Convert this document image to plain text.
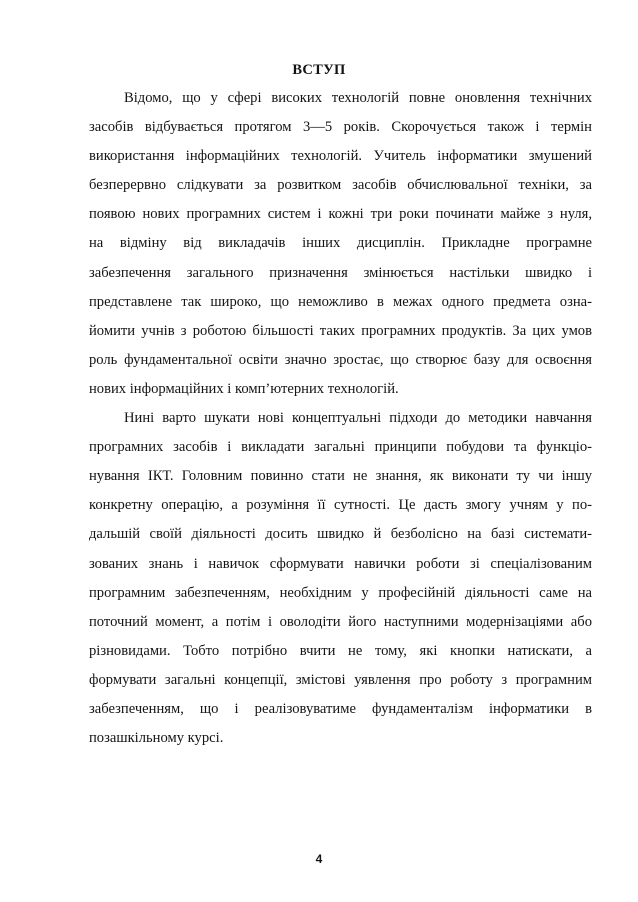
ВСТУП
Відомо, що у сфері високих технологій повне оновлення технічних
засобів відбувається протягом 3—5 років. Скорочується також і термін
використання інформаційних технологій. Учитель інформатики змушений
безперервно слідкувати за розвитком засобів обчислювальної техніки, за
появою нових програмних систем і кожні три роки починати майже з нуля,
на відміну від викладачів інших дисциплін. Прикладне програмне
забезпечення загального призначення змінюється настільки швидко і
представлене так широко, що неможливо в межах одного предмета озна-
йомити учнів з роботою більшості таких програмних продуктів. За цих умов
роль фундаментальної освіти значно зростає, що створює базу для освоєння
нових інформаційних і комп’ютерних технологій.
Нині варто шукати нові концептуальні підходи до методики навчання
програмних засобів і викладати загальні принципи побудови та функціо-
нування ІКТ. Головним повинно стати не знання, як виконати ту чи іншу
конкретну операцію, а розуміння її сутності. Це дасть змогу учням у по-
дальшій своїй діяльності досить швидко й безболісно на базі системати-
зованих знань і навичок сформувати навички роботи зі спеціалізованим
програмним забезпеченням, необхідним у професійній діяльності саме на
поточний момент, а потім і оволодіти його наступними модернізаціями або
різновидами. Тобто потрібно вчити не тому, які кнопки натискати, а
формувати загальні концепції, змістові уявлення про роботу з програмним
забезпеченням, що і реалізовуватиме фундаменталізм інформатики в
позашкільному курсі.
4
